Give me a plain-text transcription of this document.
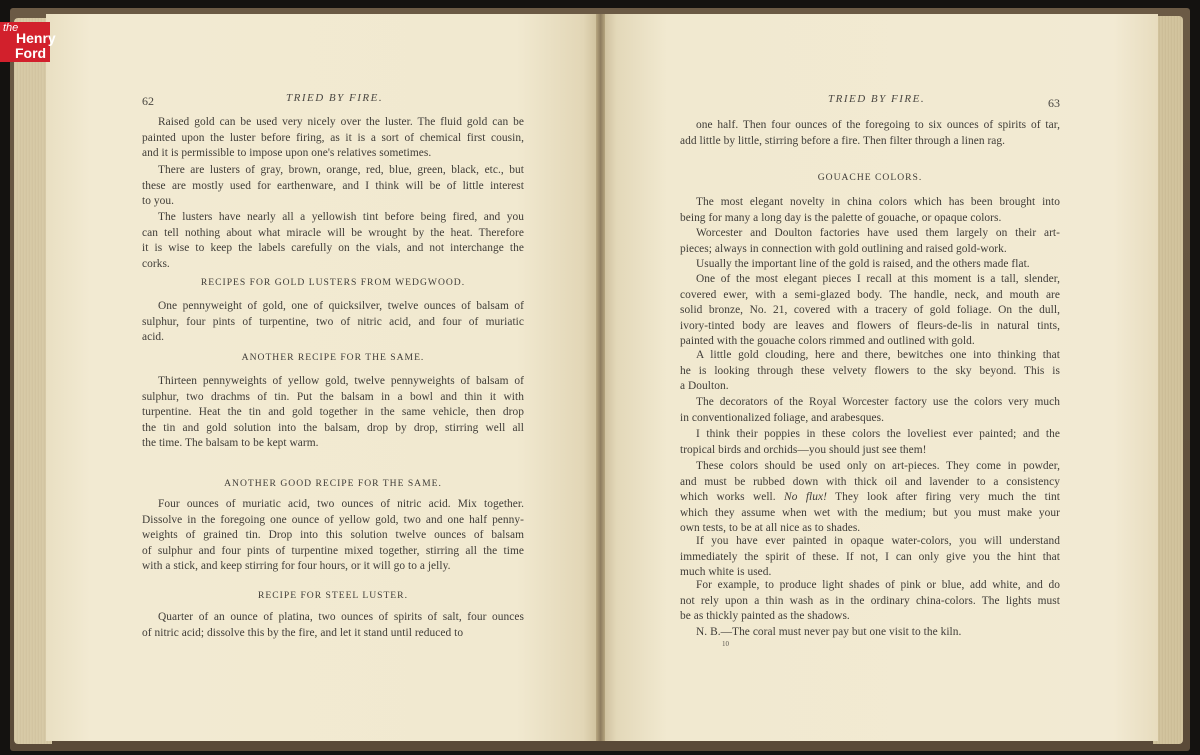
62	TRIED BY FIRE.
Raised gold can be used very nicely over the luster. The fluid gold can be
painted upon the luster before firing, as it is a sort of chemical first cousin,
and it is permissible to impose upon one's relatives sometimes.
There are lusters of gray, brown, orange, red, blue, green, black, etc., but
these are mostly used for earthenware, and I think will be of little interest
to you.
The lusters have nearly all a yellowish tint before being fired, and you
can tell nothing about what miracle will be wrought by the heat. Therefore
it is wise to keep the labels carefully on the vials, and not interchange the
corks.
RECIPES FOR GOLD LUSTERS FROM WEDGWOOD.
One pennyweight of gold, one of quicksilver, twelve ounces of balsam of
sulphur, four pints of turpentine, two of nitric acid, and four of muriatic
acid.
ANOTHER RECIPE FOR THE SAME.
Thirteen pennyweights of yellow gold, twelve pennyweights of balsam of
sulphur, two drachms of tin. Put the balsam in a bowl and thin it with
turpentine. Heat the tin and gold together in the same vehicle, then drop
the tin and gold solution into the balsam, drop by drop, stirring well all
the time. The balsam to be kept warm.
ANOTHER GOOD RECIPE FOR THE SAME.
Four ounces of muriatic acid, two ounces of nitric acid. Mix together.
Dissolve in the foregoing one ounce of yellow gold, two and one half penny-
weights of grained tin. Drop into this solution twelve ounces of balsam
of sulphur and four pints of turpentine mixed together, stirring all the time
with a stick, and keep stirring for four hours, or it will go to a jelly.
RECIPE FOR STEEL LUSTER.
Quarter of an ounce of platina, two ounces of spirits of salt, four ounces
of nitric acid; dissolve this by the fire, and let it stand until reduced to
TRIED BY FIRE.	63
one half. Then four ounces of the foregoing to six ounces of spirits of tar,
add little by little, stirring before a fire. Then filter through a linen rag.
GOUACHE COLORS.
The most elegant novelty in china colors which has been brought into
being for many a long day is the palette of gouache, or opaque colors.
Worcester and Doulton factories have used them largely on their art-
pieces; always in connection with gold outlining and raised gold-work.
Usually the important line of the gold is raised, and the others made flat.
One of the most elegant pieces I recall at this moment is a tall, slender,
covered ewer, with a semi-glazed body. The handle, neck, and mouth are
solid bronze, No. 21, covered with a tracery of gold foliage. On the dull,
ivory-tinted body are leaves and flowers of fleurs-de-lis in natural tints,
painted with the gouache colors rimmed and outlined with gold.
A little gold clouding, here and there, bewitches one into thinking that
he is looking through these velvety flowers to the sky beyond. This is
a Doulton.
The decorators of the Royal Worcester factory use the colors very much
in conventionalized foliage, and arabesques.
I think their poppies in these colors the loveliest ever painted; and the
tropical birds and orchids—you should just see them!
These colors should be used only on art-pieces. They come in powder,
and must be rubbed down with thick oil and lavender to a consistency
which works well. No flux! They look after firing very much the tint
which they assume when wet with the medium; but you must make your
own tests, to be at all nice as to shades.
If you have ever painted in opaque water-colors, you will understand
immediately the spirit of these. If not, I can only give you the hint that
much white is used.
For example, to produce light shades of pink or blue, add white, and do
not rely upon a thin wash as in the ordinary china-colors. The lights must
be as thickly painted as the shadows.
N. B.—The coral must never pay but one visit to the kiln.
10
the
Henry
Ford
